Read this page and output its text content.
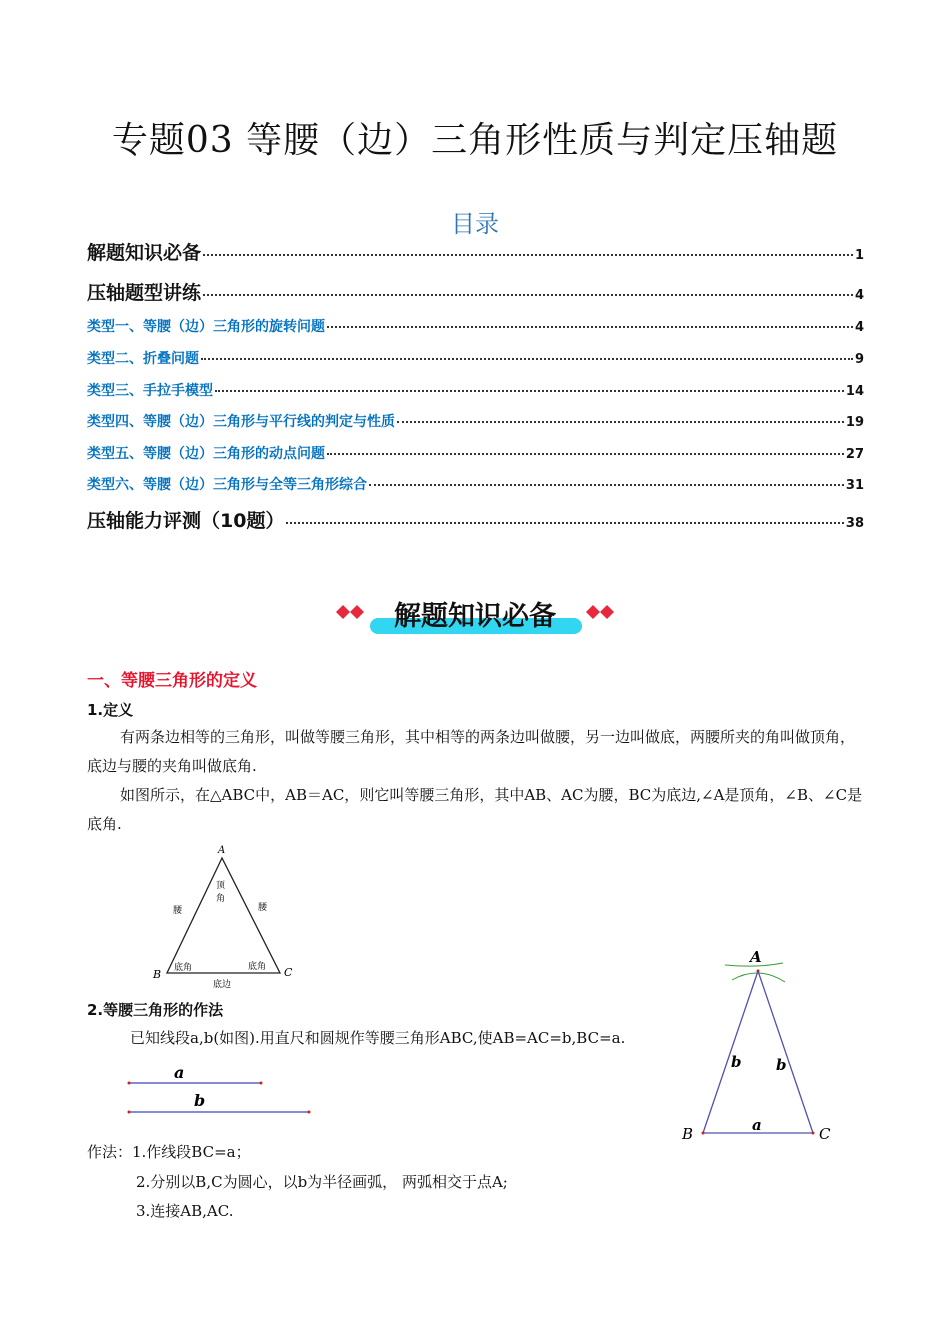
专题03 等腰（边）三角形性质与判定压轴题
目录
解题知识必备	1
压轴题型讲练	4
类型一、等腰（边）三角形的旋转问题	4
类型二、折叠问题	9
类型三、手拉手模型	14
类型四、等腰（边）三角形与平行线的判定与性质	19
类型五、等腰（边）三角形的动点问题	27
类型六、等腰（边）三角形与全等三角形综合	31
压轴能力评测（10题）	38
解题知识必备
一、等腰三角形的定义
1.定义
有两条边相等的三角形，叫做等腰三角形，其中相等的两条边叫做腰，另一边叫做底，两腰所夹的角叫做顶角，底边与腰的夹角叫做底角.
如图所示，在△ABC中，AB＝AC，则它叫等腰三角形，其中AB、AC为腰，BC为底边,∠A是顶角，∠B、∠C是底角.
A
B	C
腰	腰
顶
角
底角	底角
底边
2.等腰三角形的作法
已知线段a,b(如图).用直尺和圆规作等腰三角形ABC,使AB=AC=b,BC=a.
a
b
作法：1.作线段BC=a；
2.分别以B,C为圆心，以b为半径画弧， 两弧相交于点A;
3.连接AB,AC.
A
B	C
a
b b
